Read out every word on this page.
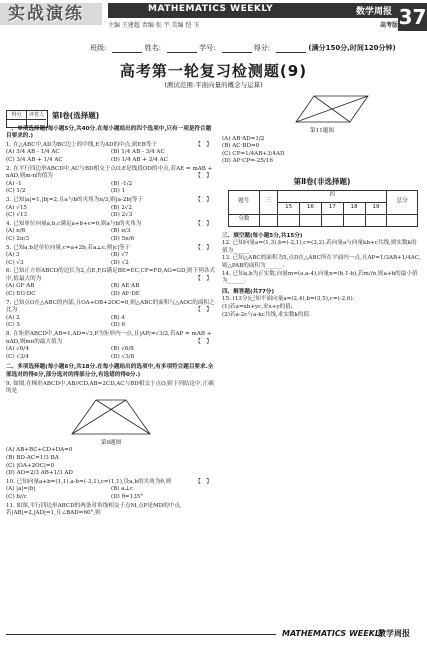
实战演练	MATHEMATICS WEEKLY	数学周报 37
主编 王建超 责编 张 宇 美编 恺 玉	高考版
班级:	姓名:	学号:	得分:	(满分150分,时间120分钟)
高考第一轮复习检测题(9)
(测试范围:平面向量的概念与运算)
得分	评卷人 第Ⅰ卷(选择题)

一、单项选择题(每小题5分,共40分.在每小题给出的四个选项中,只有一项是符合题目要求的.)

1. 在△ABC中,AD为BC边上的中线,E为AD的中点,则EB等于	【　】

(A) 3/4 AB - 1/4 AC	(B) 1/4 AB - 3/4 AC
(C) 3/4 AB + 1/4 AC	(D) 1/4 AB + 3/4 AC

2. 在平行四边形ABCD中,AC与BD相交于点O,E是线段OD的中点,若AE = mAB + nAD,则m-n的值为	【　】

(A) -1	(B) -1/2
(C) 1/2	(D) 1

3. 已知|a|=1,|b|=2,且a与b的夹角为π/3,则|a-2b|等于	【　】

(A) √15	(B) 2√2
(C) √13	(D) 2√3

4. 已知单位向量a,b,c满足a+b+c=0,则a与b的夹角为	【　】

(A) π/6	(B) π/3
(C) 2π/3	(D) 5π/6

5. 已知a,b是单位向量,c=a+2b,若a⊥c,则|c|等于	【　】

(A) 3	(B) √7
(C) √3	(D) √2

6. 已知正方形ABCD的边长为2,点E,F,G满足BE=EC,CF=FD,AG=GD,则下列各式中,值最大的为	【　】

(A) GF·AB	(B) AE·AB
(C) EG·DC	(D) AF·DE

7. 已知点O在△ABC的内部,且OA+OB+2OC=0,则△ABC的面积与△AOC的面积之比为	【　】

(A) 2	(B) 4
(C) 5	(D) 6

8. 在矩形ABCD中,AB=1,AD=√3,P为矩形内一点,且|AP|=√3/2,若AP = mAB + nAD,则mn的最大值为	【　】

(A) √6/4	(B) √6/8
(C) √3/4	(D) √3/8

二、多项选择题(每小题6分,共18分.在每小题给出的选项中,有多项符合题目要求.全部选对的得6分,部分选对的得部分分,有选错的得0分.)

9. 如图,在梯形ABCD中,AB//CD,AB=2CD,AC与BD相交于点O,则下列结论中,正确的是

第9题图

(A) AB+BC+CD+DA=0

(B) BD-AC=1/3 BA

(C) |OA+2OC|=0

(D) AO=2/3 AB+1/3 AD

10. 已知向量a+b=(1,1),a-b=(-3,1),c=(1,1),设a,b的夹角为θ,则	【　】

(A) |a|=|b|	(B) a⊥c
(C) b//c	(D) θ=135°

11. 如图,平行四边形ABCD的两条对角线相交于点M,点P是MD的中点,若|AB|=2,|AD|=1,且∠BAD=60°,则

第11题图

(A) AB·AD=1/2

(B) AC·BD=0

(C) CP=1/4AB+3/4AD

(D) AP·CP=-25/16

第Ⅱ卷(非选择题)

题号	三	四					总分
		15	16	17	18	19	
分数							

三、填空题(每小题5分,共15分)

12. 已知向量a=(1,3),b=(-2,1),c=(3,2).若向量a与向量kb+c共线,则实数k的值为______.

13. 已知△ABC的面积为5,点D在△ABC所在平面内一点,且AP=1/3AB+1/4AC,则△PAB的面积为______.

14. 已知a,b为正实数,向量m=(a,a-4),向量n=(b,1-b),若m//n,则a+b的最小值为______.

四、解答题(共77分)

15. (13分)已知平面向量a=(2,4),b=(3,5),c=(-2,6).

(1)若a=xb+yc,求x+y的值;

(2)若a-2c与a-kc共线,求实数k的值.

MATHEMATICS WEEKLY
数学周报
